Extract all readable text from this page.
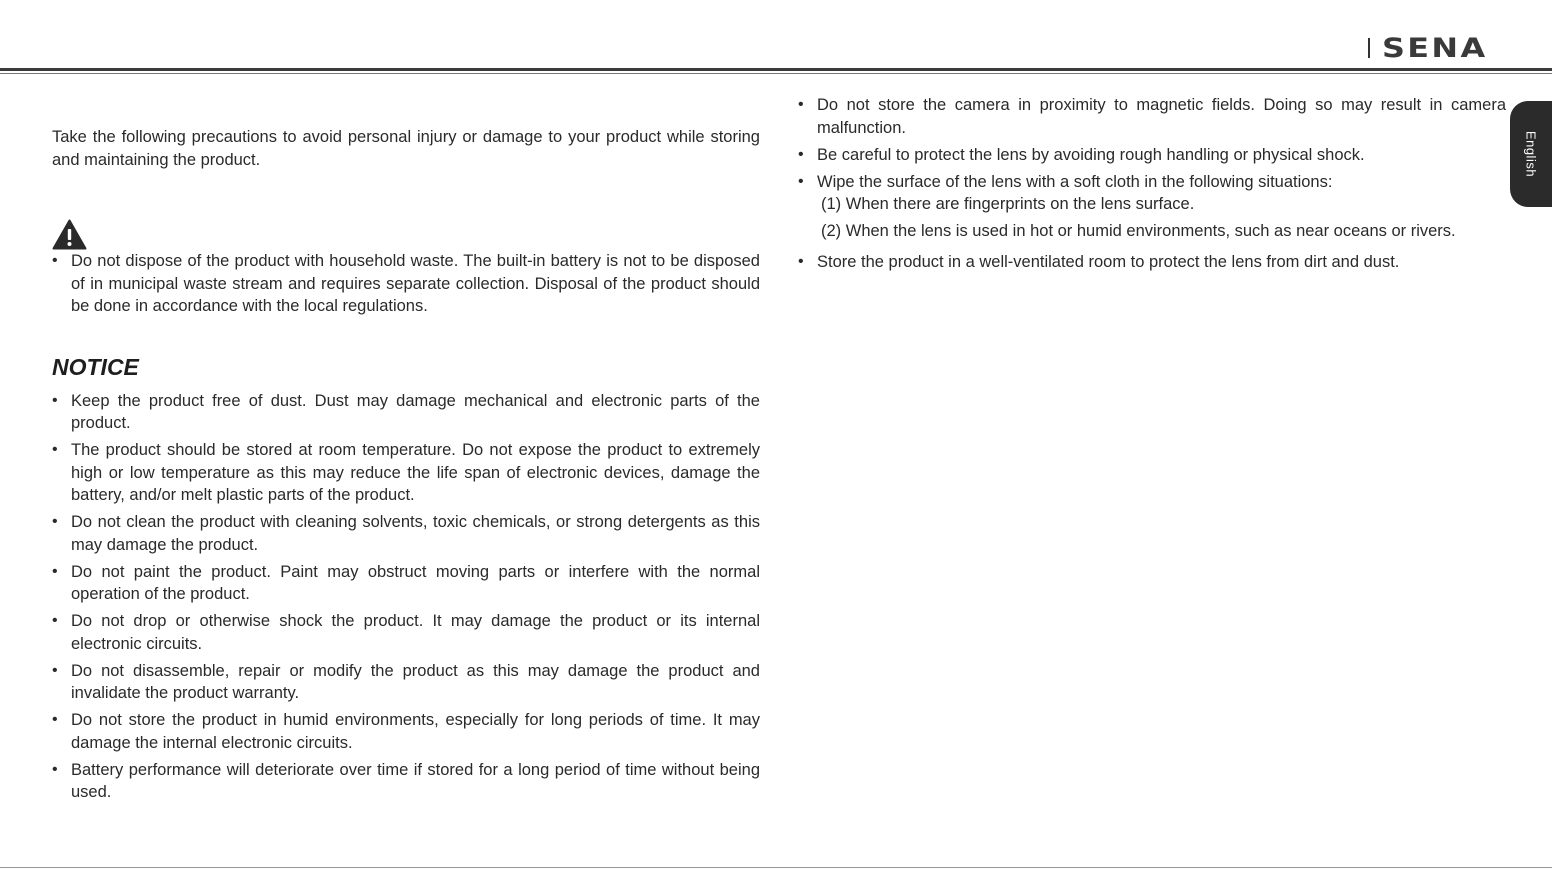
SENA
English

Take the following precautions to avoid personal injury or damage to your product while storing and maintaining the product.

• Do not dispose of the product with household waste. The built-in battery is not to be disposed of in municipal waste stream and requires separate collection. Disposal of the product should be done in accordance with the local regulations.
NOTICE
• Keep the product free of dust. Dust may damage mechanical and electronic parts of the product.
• The product should be stored at room temperature. Do not expose the product to extremely high or low temperature as this may reduce the life span of electronic devices, damage the battery, and/or melt plastic parts of the product.
• Do not clean the product with cleaning solvents, toxic chemicals, or strong detergents as this may damage the product.
• Do not paint the product. Paint may obstruct moving parts or interfere with the normal operation of the product.
• Do not drop or otherwise shock the product. It may damage the product or its internal electronic circuits.
• Do not disassemble, repair or modify the product as this may damage the product and invalidate the product warranty.
• Do not store the product in humid environments, especially for long periods of time. It may damage the internal electronic circuits.
• Battery performance will deteriorate over time if stored for a long period of time without being used.
• Do not store the camera in proximity to magnetic fields. Doing so may result in camera malfunction.
• Be careful to protect the lens by avoiding rough handling or physical shock.
• Wipe the surface of the lens with a soft cloth in the following situations:
(1) When there are fingerprints on the lens surface.
(2) When the lens is used in hot or humid environments, such as near oceans or rivers.
• Store the product in a well-ventilated room to protect the lens from dirt and dust.
